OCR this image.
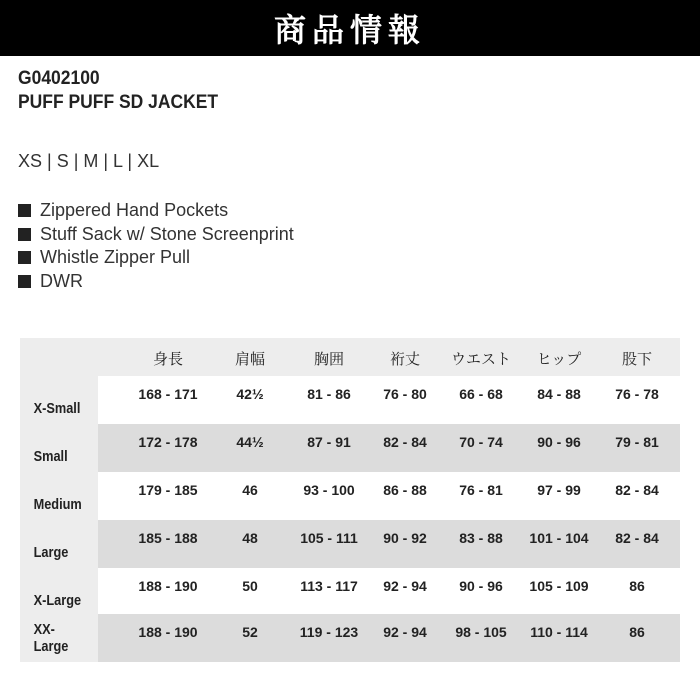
商品情報
G0402100
PUFF PUFF SD JACKET
XS | S | M | L | XL
Zippered Hand Pockets
Stuff Sack w/ Stone Screenprint
Whistle Zipper Pull
DWR
身長	肩幅	胸囲	裄丈	ウエスト	ヒップ	股下
X-Small
168 - 171	42½	81 - 86	76 - 80	66 - 68	84 - 88	76 - 78
Small
172 - 178	44½	87 - 91	82 - 84	70 - 74	90 - 96	79 - 81
Medium
179 - 185	46	93 - 100	86 - 88	76 - 81	97 - 99	82 - 84
Large
185 - 188	48	105 - 111	90 - 92	83 - 88	101 - 104	82 - 84
X-Large
188 - 190	50	113 - 117	92 - 94	90 - 96	105 - 109	86
XX-Large
188 - 190	52	119 - 123	92 - 94	98 - 105	110 - 114	86
